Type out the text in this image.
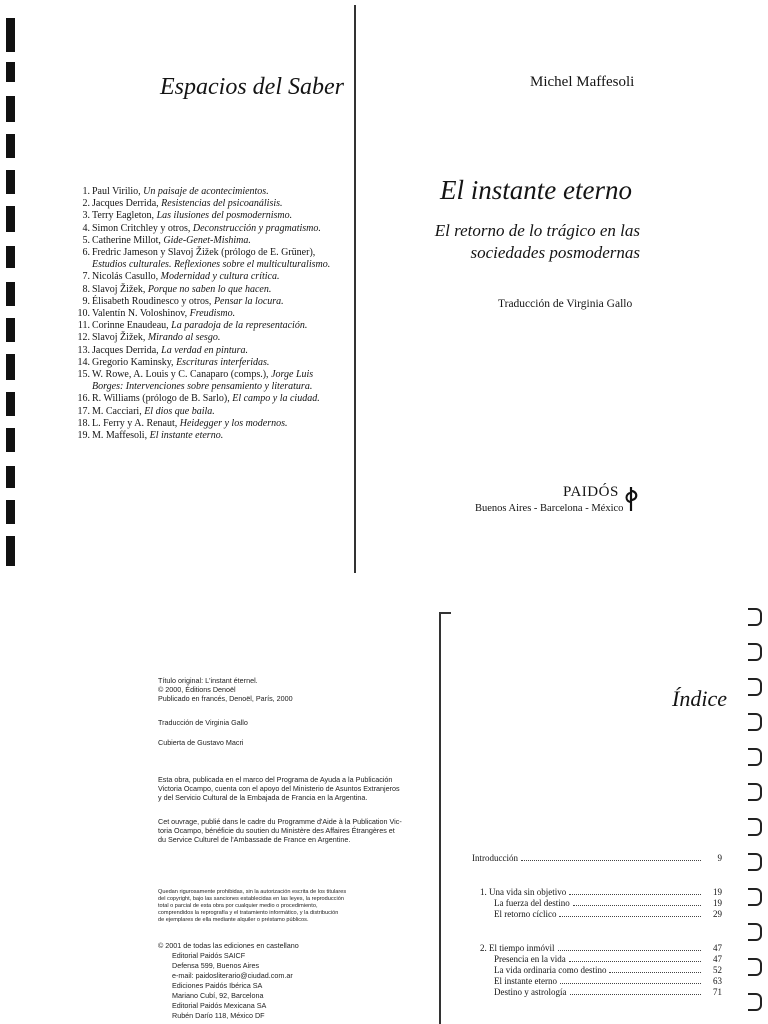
Espacios del Saber
1. Paul Virilio, Un paisaje de acontecimientos.
2. Jacques Derrida, Resistencias del psicoanálisis.
3. Terry Eagleton, Las ilusiones del posmodernismo.
4. Simon Critchley y otros, Deconstrucción y pragmatismo.
5. Catherine Millot, Gide-Genet-Mishima.
6. Fredric Jameson y Slavoj Žižek (prólogo de E. Grüner),
Estudios culturales. Reflexiones sobre el multiculturalismo.
7. Nicolás Casullo, Modernidad y cultura crítica.
8. Slavoj Žižek, Porque no saben lo que hacen.
9. Élisabeth Roudinesco y otros, Pensar la locura.
10. Valentín N. Voloshinov, Freudismo.
11. Corinne Enaudeau, La paradoja de la representación.
12. Slavoj Žižek, Mirando al sesgo.
13. Jacques Derrida, La verdad en pintura.
14. Gregorio Kaminsky, Escrituras interferidas.
15. W. Rowe, A. Louis y C. Canaparo (comps.), Jorge Luis
Borges: Intervenciones sobre pensamiento y literatura.
16. R. Williams (prólogo de B. Sarlo), El campo y la ciudad.
17. M. Cacciari, El dios que baila.
18. L. Ferry y A. Renaut, Heidegger y los modernos.
19. M. Maffesoli, El instante eterno.
Michel Maffesoli
El instante eterno
El retorno de lo trágico en las
sociedades posmodernas
Traducción de Virginia Gallo
PAIDÓS
Buenos Aires - Barcelona - México
Título original: L'instant éternel.
© 2000, Éditions Denoël
Publicado en francés, Denoël, París, 2000
Traducción de Virginia Gallo
Cubierta de Gustavo Macri
Esta obra, publicada en el marco del Programa de Ayuda a la Publicación
Victoria Ocampo, cuenta con el apoyo del Ministerio de Asuntos Extranjeros
y del Servicio Cultural de la Embajada de Francia en la Argentina.
Cet ouvrage, publié dans le cadre du Programme d'Aide à la Publication Vic-
toria Ocampo, bénéficie du soutien du Ministère des Affaires Étrangères et
du Service Culturel de l'Ambassade de France en Argentine.
Quedan rigurosamente prohibidas, sin la autorización escrita de los titulares
del copyright, bajo las sanciones establecidas en las leyes, la reproducción
total o parcial de esta obra por cualquier medio o procedimiento,
comprendidos la reprografía y el tratamiento informático, y la distribución
de ejemplares de ella mediante alquiler o préstamo públicos.
© 2001 de todas las ediciones en castellano
Editorial Paidós SAICF
Defensa 599, Buenos Aires
e-mail: paidosliterario@ciudad.com.ar
Ediciones Paidós Ibérica SA
Mariano Cubí, 92, Barcelona
Editorial Paidós Mexicana SA
Rubén Darío 118, México DF
Índice
Introducción	9
1. Una vida sin objetivo	19
La fuerza del destino	19
El retorno cíclico	29
2. El tiempo inmóvil	47
Presencia en la vida	47
La vida ordinaria como destino	52
El instante eterno	63
Destino y astrología	71
